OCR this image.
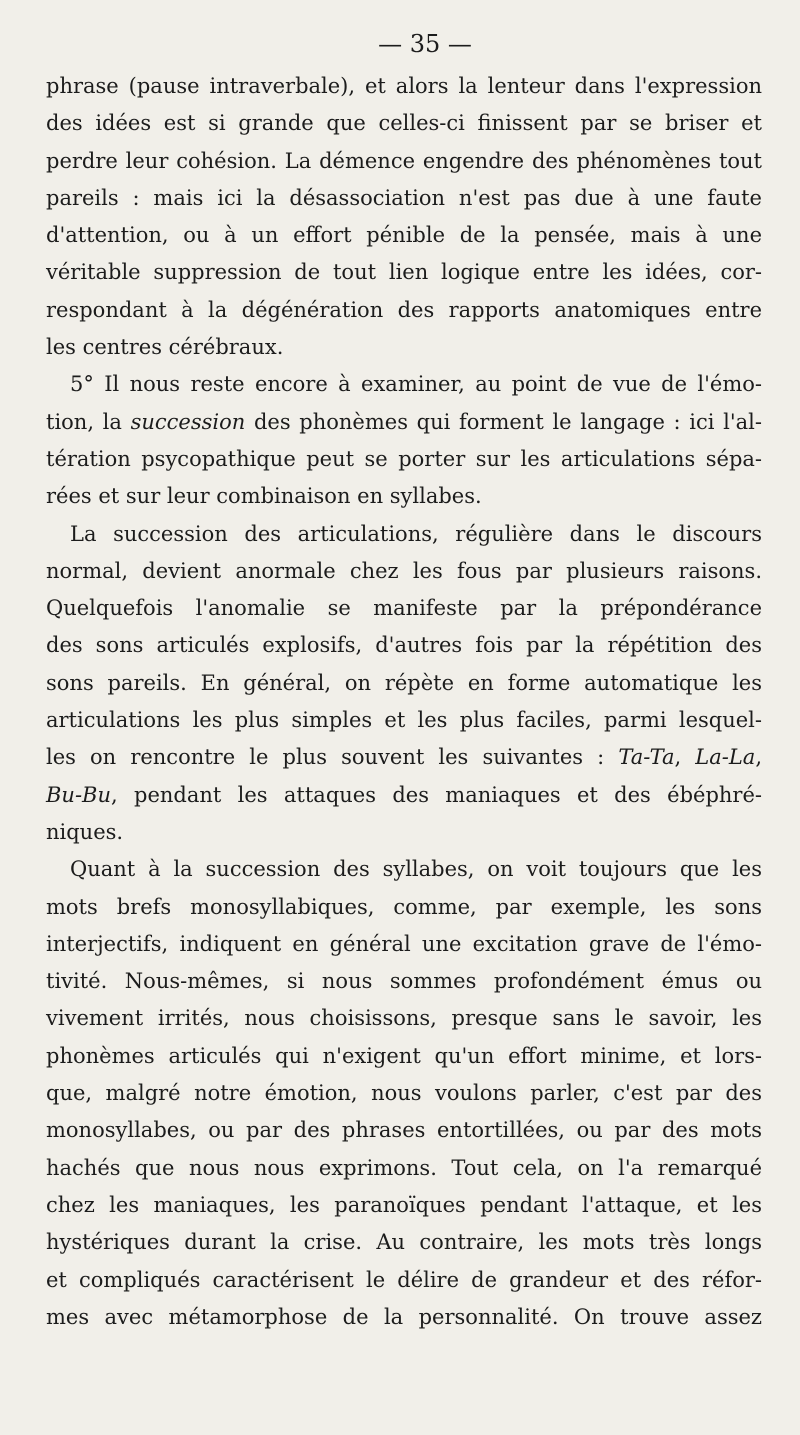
— 35 —

phrase (pause intraverbale), et alors la lenteur dans l'expression

des idées est si grande que celles-ci finissent par se briser et

perdre leur cohésion. La démence engendre des phénomènes tout

pareils : mais ici la désassociation n'est pas due à une faute

d'attention, ou à un effort pénible de la pensée, mais à une

véritable suppression de tout lien logique entre les idées, cor-

respondant à la dégénération des rapports anatomiques entre

les centres cérébraux.

5° Il nous reste encore à examiner, au point de vue de l'émo-

tion, la succession des phonèmes qui forment le langage : ici l'al-

tération psycopathique peut se porter sur les articulations sépa-

rées et sur leur combinaison en syllabes.

La succession des articulations, régulière dans le discours

normal, devient anormale chez les fous par plusieurs raisons.

Quelquefois l'anomalie se manifeste par la prépondérance

des sons articulés explosifs, d'autres fois par la répétition des

sons pareils. En général, on répète en forme automatique les

articulations les plus simples et les plus faciles, parmi lesquel-

les on rencontre le plus souvent les suivantes : Ta-Ta, La-La,

Bu-Bu, pendant les attaques des maniaques et des ébéphré-

niques.

Quant à la succession des syllabes, on voit toujours que les

mots brefs monosyllabiques, comme, par exemple, les sons

interjectifs, indiquent en général une excitation grave de l'émo-

tivité. Nous-mêmes, si nous sommes profondément émus ou

vivement irrités, nous choisissons, presque sans le savoir, les

phonèmes articulés qui n'exigent qu'un effort minime, et lors-

que, malgré notre émotion, nous voulons parler, c'est par des

monosyllabes, ou par des phrases entortillées, ou par des mots

hachés que nous nous exprimons. Tout cela, on l'a remarqué

chez les maniaques, les paranoïques pendant l'attaque, et les

hystériques durant la crise. Au contraire, les mots très longs

et compliqués caractérisent le délire de grandeur et des réfor-

mes avec métamorphose de la personnalité. On trouve assez
